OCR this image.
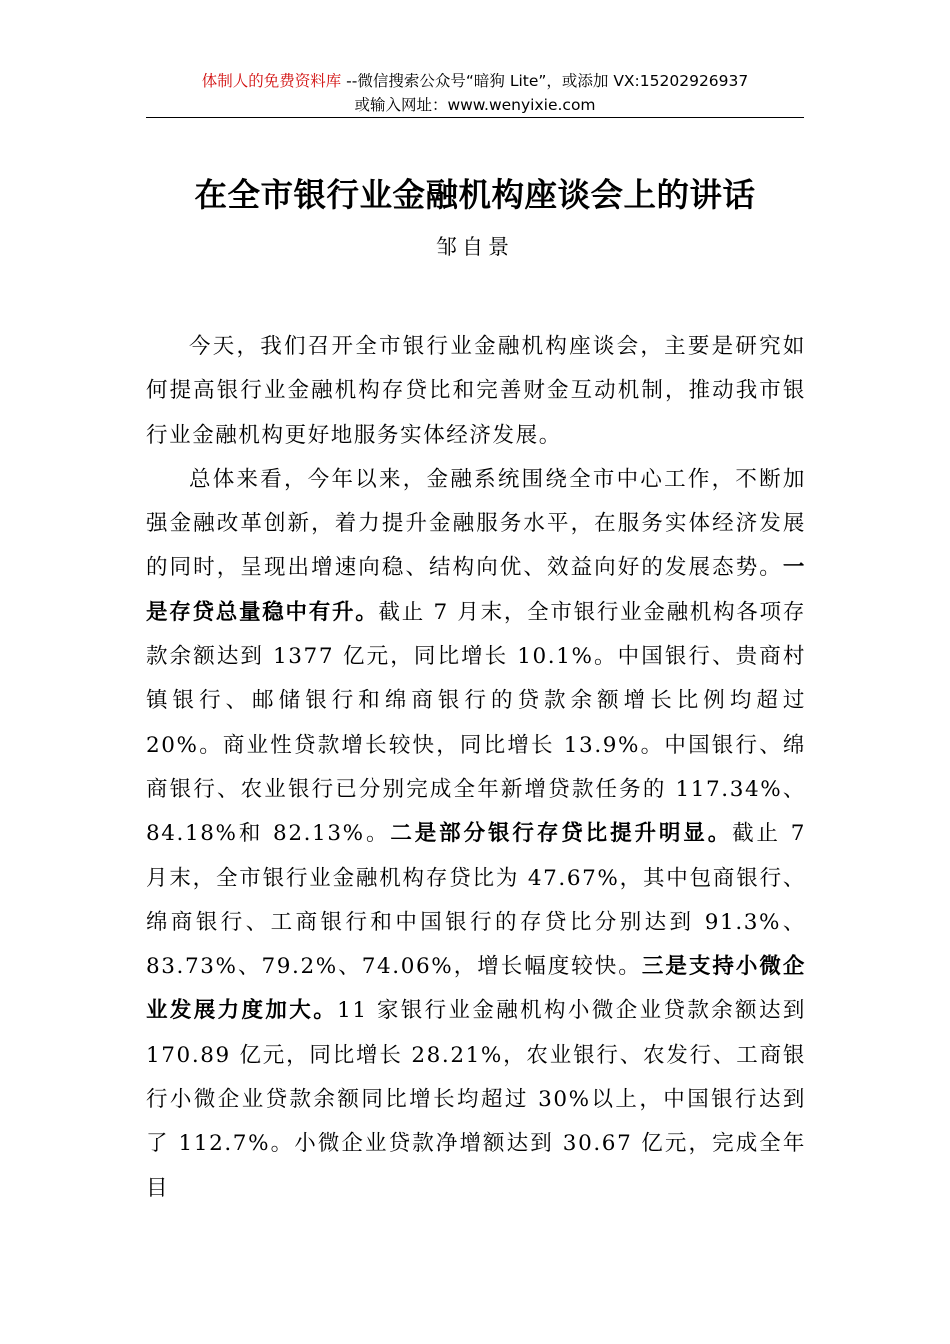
体制人的免费资料库 --微信搜索公众号“暗狗 Lite”，或添加 VX:15202926937
或输入网址：www.wenyixie.com
在全市银行业金融机构座谈会上的讲话
邹自景

今天，我们召开全市银行业金融机构座谈会，主要是研究如何提高银行业金融机构存贷比和完善财金互动机制，推动我市银行业金融机构更好地服务实体经济发展。

总体来看，今年以来，金融系统围绕全市中心工作，不断加强金融改革创新，着力提升金融服务水平，在服务实体经济发展的同时，呈现出增速向稳、结构向优、效益向好的发展态势。一是存贷总量稳中有升。截止 7 月末，全市银行业金融机构各项存款余额达到 1377 亿元，同比增长 10.1%。中国银行、贵商村镇银行、邮储银行和绵商银行的贷款余额增长比例均超过 20%。商业性贷款增长较快，同比增长 13.9%。中国银行、绵商银行、农业银行已分别完成全年新增贷款任务的 117.34%、84.18%和 82.13%。二是部分银行存贷比提升明显。截止 7 月末，全市银行业金融机构存贷比为 47.67%，其中包商银行、绵商银行、工商银行和中国银行的存贷比分别达到 91.3%、83.73%、79.2%、74.06%，增长幅度较快。三是支持小微企业发展力度加大。11 家银行业金融机构小微企业贷款余额达到 170.89 亿元，同比增长 28.21%，农业银行、农发行、工商银行小微企业贷款余额同比增长均超过 30%以上，中国银行达到了 112.7%。小微企业贷款净增额达到 30.67 亿元，完成全年目
